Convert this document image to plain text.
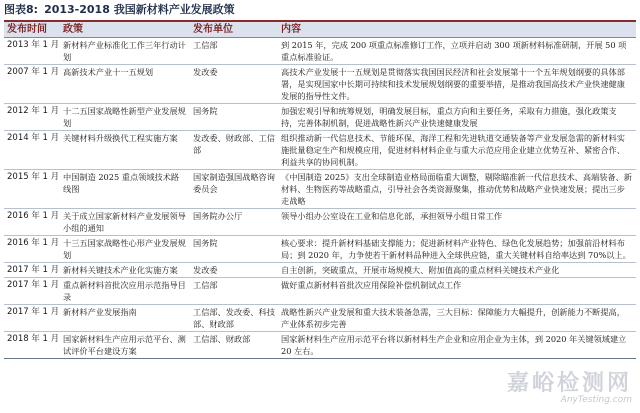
图表8: 2013-2018 我国新材料产业发展政策
发布时间	政策	发布单位	内容
2013 年 1 月	新材料产业标准化工作三年行动计划	工信部	到 2015 年，完成 200 项重点标准修订工作，立项并启动 300 项新材料标准研制，开展 50 项重点标准验证。
2007 年 1 月	高新技术产业十一五规划	发改委	高技术产业发展十一五规划是贯彻落实我国国民经济和社会发展第十一个五年规划纲要的具体部署，是实现国家中长期可持续和技术发展规划纲要的重要举措，是推动我国高技术产业快速健康发展的指导性文件。
2012 年 1 月	十二五国家战略性新型产业发展规划	国务院	加强宏观引导和统筹规划，明确发展目标，重点方向和主要任务，采取有力措施，强化政策支持，完善体制机制，促进战略性新兴产业快速健康发展
2014 年 1 月	关键材料升级换代工程实施方案	发改委、财政部、工信部	组织推动新一代信息技术、节能环保、海洋工程和先进轨道交通装备等产业发展急需的新材料实施批量稳定生产和规模应用，促进材料材料企业与重大示范应用企业建立优势互补、紧密合作、利益共享的协同机制。
2015 年 1 月	中国制造 2025 重点领域技术路线图	国家制造强国战略咨询委员会	《中国制造 2025》支出全球制造业格局面临重大调整，剔除瞄准新一代信息技术、高端装备、新材料、生物医药等战略重点，引导社会各类资源聚集，推动优势和战略产业快速发展；提出三步走战略
2016 年 1 月	关于成立国家新材料产业发展领导小组的通知	国务院办公厅	领导小组办公室设在工业和信息化部，承担领导小组日常工作
2016 年 1 月	十三五国家战略性心形产业发展规划	国务院	核心要求：提升新材料基础支撑能力；促进新材料产业特色、绿色化发展趋势；加强前沿材料布局；到 2020 年，力争使若干新材料品种进入全球供应链，重大关键材料自给率达到 70%以上。
2017 年 1 月	新材料关键技术产业化实施方案	发改委	自主创新，突破重点，开展市场规模大、附加值高的重点材料关键技术产业化
2017 年 1 月	重点新材料首批次应用示范指导目录	工信部	做好重点新材料首批次应用保险补偿机制试点工作
2017 年 1 月	新材料产业发展指南	工信部、发改委、科技部、财政部	战略性新兴产业发展和重大技术装备急需，三大目标：保障能力大幅提升，创新能力不断提高，产业体系初步完善
2018 年 1 月	国家新材料生产应用示范平台、测试评价平台建设方案	工信部、财政部	国家新材料生产应用示范平台将以新材料生产企业和应用企业为主体，到 2020 年关键领域建立 20 左右。
嘉峪检测网
AnyTesting.com
